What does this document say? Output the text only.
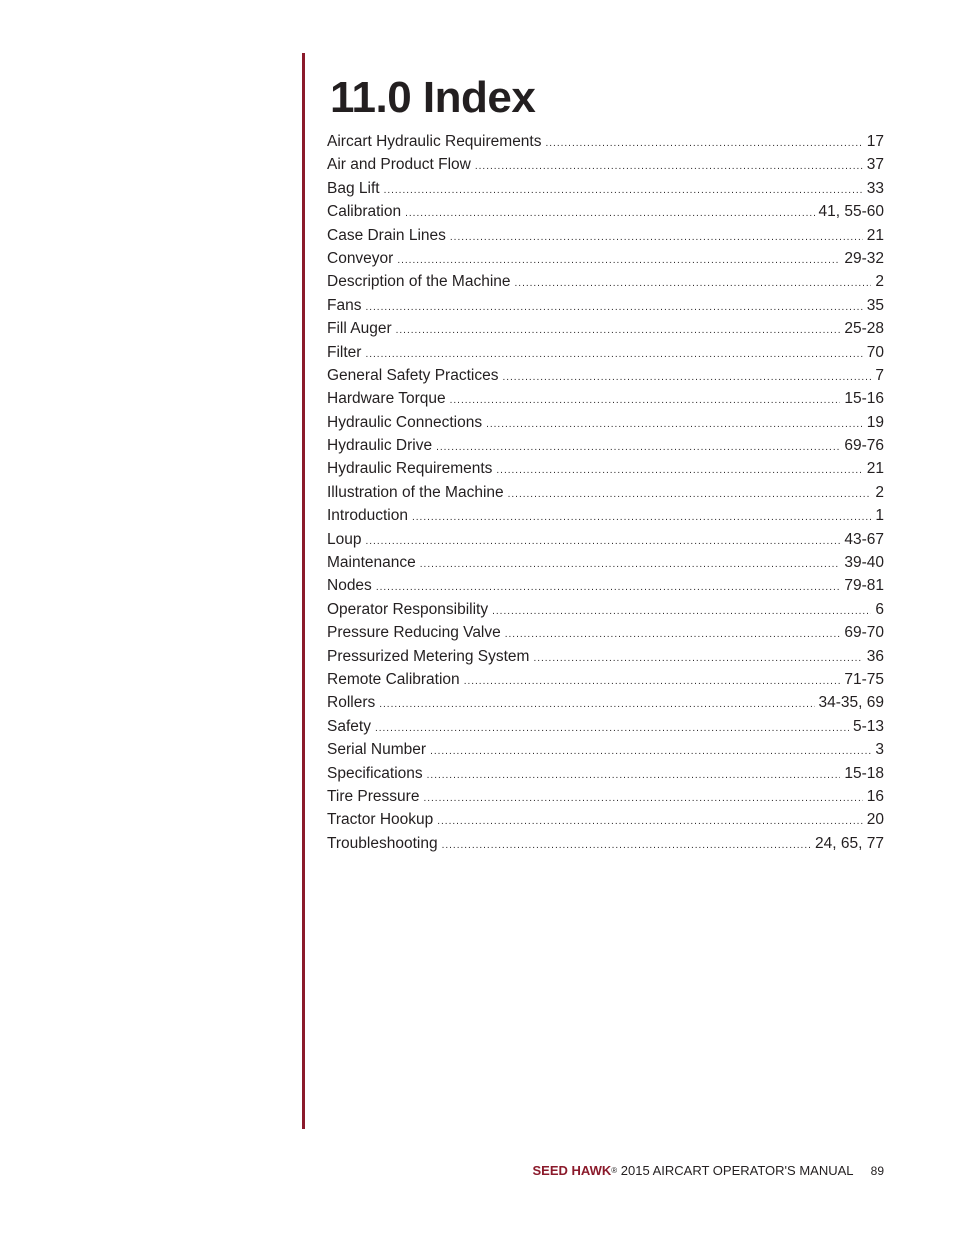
11.0 Index
Aircart Hydraulic Requirements .....	17
Air and Product Flow .....	37
Bag Lift .....	33
Calibration .....	41, 55-60
Case Drain Lines .....	21
Conveyor .....	29-32
Description of the Machine .....	2
Fans .....	35
Fill Auger .....	25-28
Filter .....	70
General Safety Practices .....	7
Hardware Torque .....	15-16
Hydraulic Connections .....	19
Hydraulic Drive .....	69-76
Hydraulic Requirements .....	21
Illustration of the Machine .....	2
Introduction .....	1
Loup .....	43-67
Maintenance .....	39-40
Nodes .....	79-81
Operator Responsibility .....	6
Pressure Reducing Valve .....	69-70
Pressurized Metering System .....	36
Remote Calibration .....	71-75
Rollers .....	34-35, 69
Safety .....	5-13
Serial Number .....	3
Specifications .....	15-18
Tire Pressure .....	16
Tractor Hookup .....	20
Troubleshooting .....	24, 65, 77
SEED HAWK® 2015 AIRCART OPERATOR'S MANUAL 89
